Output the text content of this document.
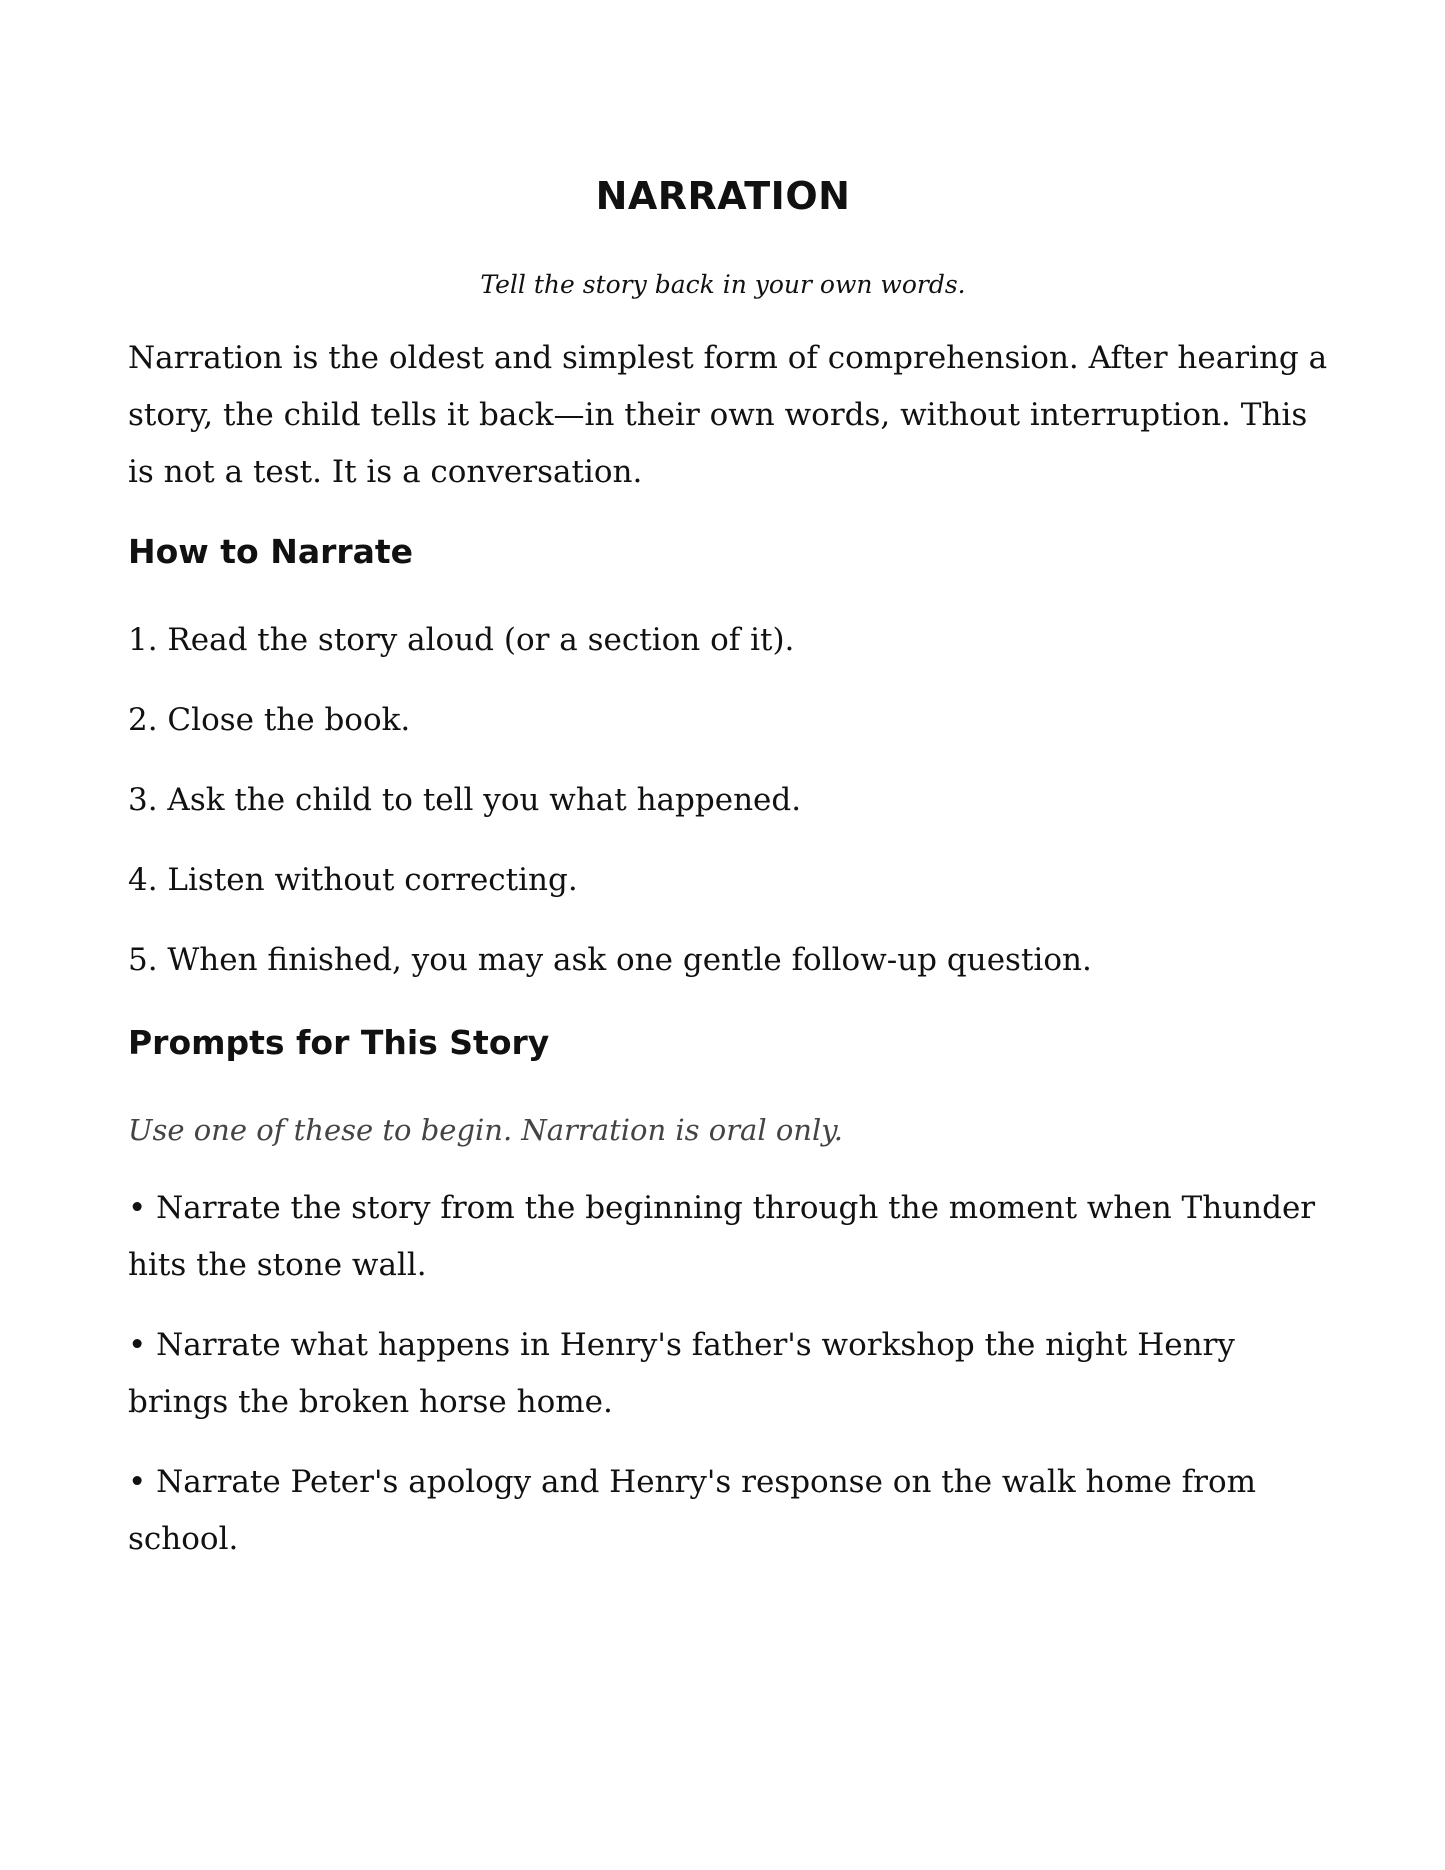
NARRATION

Tell the story back in your own words.

Narration is the oldest and simplest form of comprehension. After hearing a story, the child tells it back—in their own words, without interruption. This is not a test. It is a conversation.

How to Narrate

1. Read the story aloud (or a section of it).

2. Close the book.

3. Ask the child to tell you what happened.

4. Listen without correcting.

5. When finished, you may ask one gentle follow-up question.

Prompts for This Story

Use one of these to begin. Narration is oral only.

• Narrate the story from the beginning through the moment when Thunder hits the stone wall.

• Narrate what happens in Henry's father's workshop the night Henry brings the broken horse home.

• Narrate Peter's apology and Henry's response on the walk home from school.
